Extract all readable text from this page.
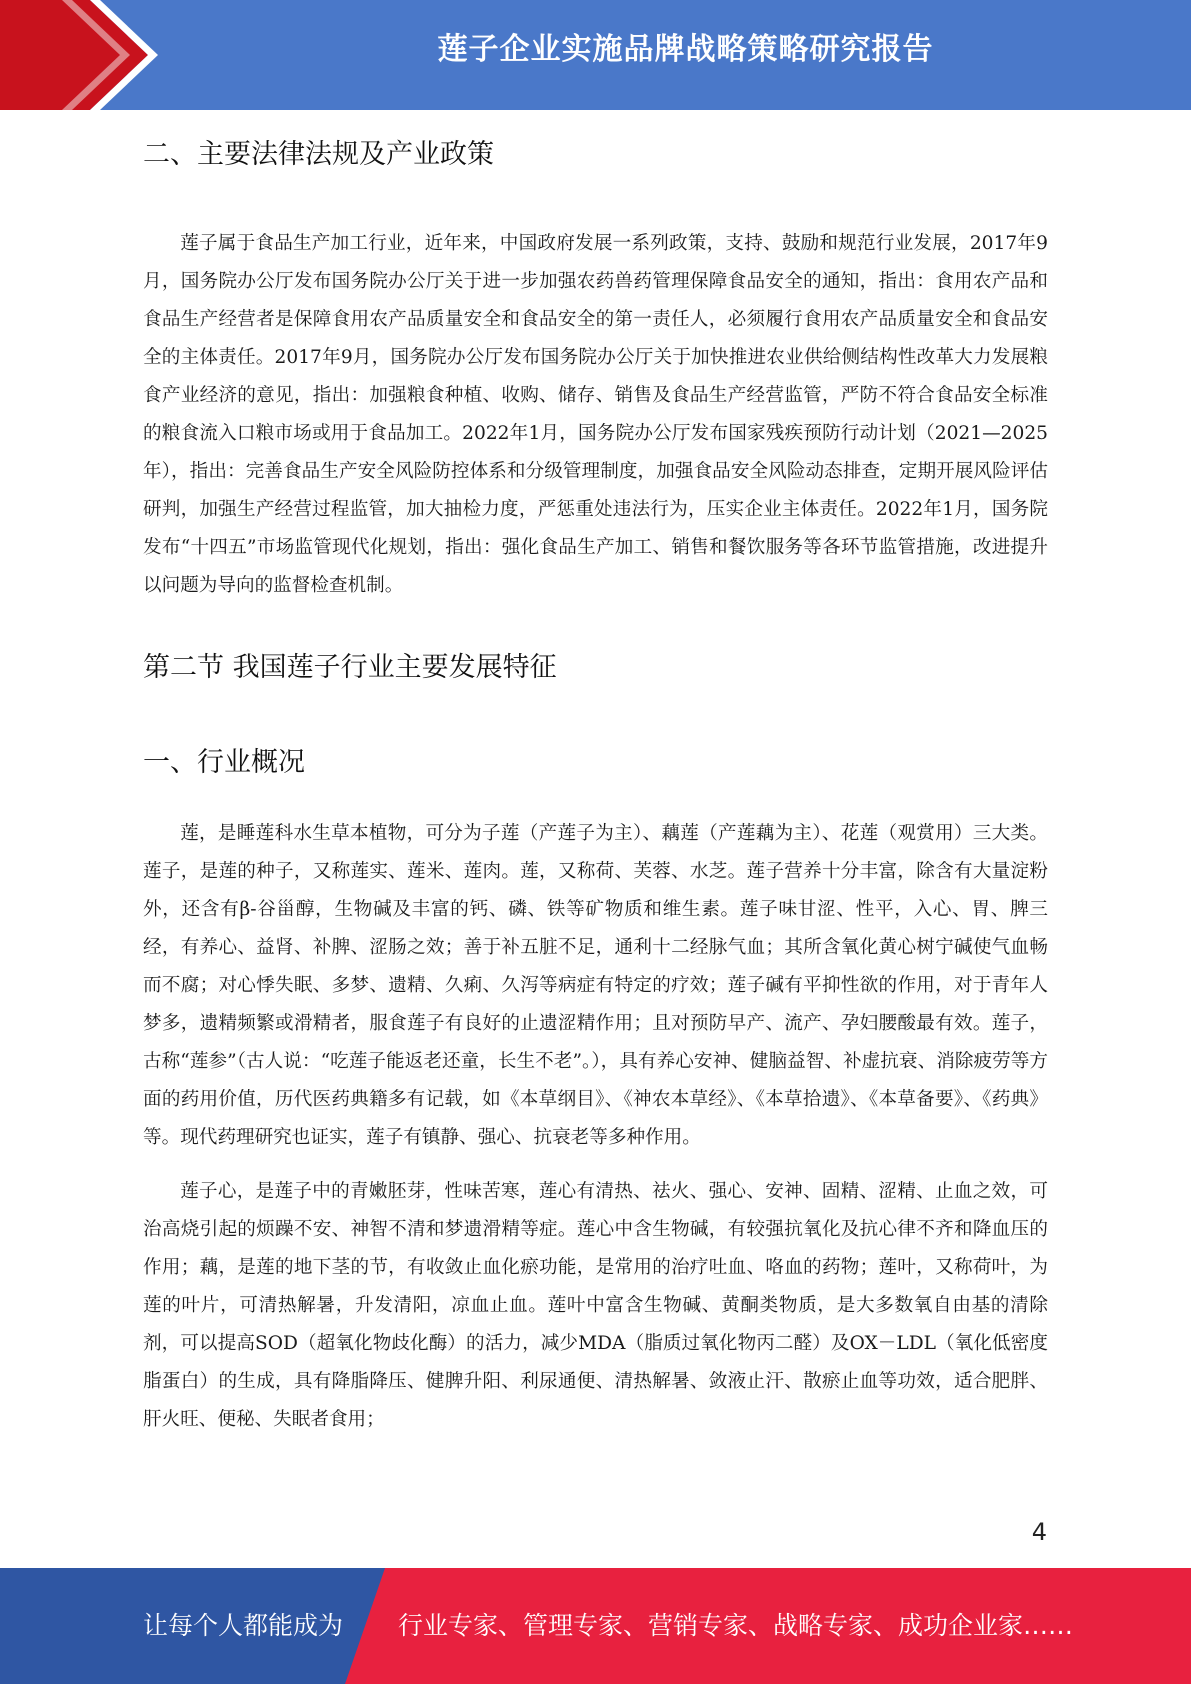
莲子企业实施品牌战略策略研究报告
二、主要法律法规及产业政策

莲子属于食品生产加工行业，近年来，中国政府发展一系列政策，支持、鼓励和规范行业发展，2017年9月，国务院办公厅发布国务院办公厅关于进一步加强农药兽药管理保障食品安全的通知，指出：食用农产品和食品生产经营者是保障食用农产品质量安全和食品安全的第一责任人，必须履行食用农产品质量安全和食品安全的主体责任。2017年9月，国务院办公厅发布国务院办公厅关于加快推进农业供给侧结构性改革大力发展粮食产业经济的意见，指出：加强粮食种植、收购、储存、销售及食品生产经营监管，严防不符合食品安全标准的粮食流入口粮市场或用于食品加工。2022年1月，国务院办公厅发布国家残疾预防行动计划（2021—2025年），指出：完善食品生产安全风险防控体系和分级管理制度，加强食品安全风险动态排查，定期开展风险评估研判，加强生产经营过程监管，加大抽检力度，严惩重处违法行为，压实企业主体责任。2022年1月，国务院发布“十四五”市场监管现代化规划，指出：强化食品生产加工、销售和餐饮服务等各环节监管措施，改进提升以问题为导向的监督检查机制。

第二节 我国莲子行业主要发展特征
一、行业概况

莲，是睡莲科水生草本植物，可分为子莲（产莲子为主）、藕莲（产莲藕为主）、花莲（观赏用）三大类。莲子，是莲的种子，又称莲实、莲米、莲肉。莲，又称荷、芙蓉、水芝。莲子营养十分丰富，除含有大量淀粉外，还含有β-谷甾醇，生物碱及丰富的钙、磷、铁等矿物质和维生素。莲子味甘涩、性平，入心、胃、脾三经，有养心、益肾、补脾、涩肠之效；善于补五脏不足，通利十二经脉气血；其所含氧化黄心树宁碱使气血畅而不腐；对心悸失眠、多梦、遗精、久痢、久泻等病症有特定的疗效；莲子碱有平抑性欲的作用，对于青年人梦多，遗精频繁或滑精者，服食莲子有良好的止遗涩精作用；且对预防早产、流产、孕妇腰酸最有效。莲子，古称“莲参”（古人说：“吃莲子能返老还童，长生不老”。），具有养心安神、健脑益智、补虚抗衰、消除疲劳等方面的药用价值，历代医药典籍多有记载，如《本草纲目》、《神农本草经》、《本草拾遗》、《本草备要》、《药典》等。现代药理研究也证实，莲子有镇静、强心、抗衰老等多种作用。

莲子心，是莲子中的青嫩胚芽，性味苦寒，莲心有清热、祛火、强心、安神、固精、涩精、止血之效，可治高烧引起的烦躁不安、神智不清和梦遗滑精等症。莲心中含生物碱，有较强抗氧化及抗心律不齐和降血压的作用；藕，是莲的地下茎的节，有收敛止血化瘀功能，是常用的治疗吐血、咯血的药物；莲叶，又称荷叶，为莲的叶片，可清热解暑，升发清阳，凉血止血。莲叶中富含生物碱、黄酮类物质，是大多数氧自由基的清除剂，可以提高SOD（超氧化物歧化酶）的活力，减少MDA（脂质过氧化物丙二醛）及OX－LDL（氧化低密度脂蛋白）的生成，具有降脂降压、健脾升阳、利尿通便、清热解暑、敛液止汗、散瘀止血等功效，适合肥胖、肝火旺、便秘、失眠者食用；

4
让每个人都能成为 行业专家、管理专家、营销专家、战略专家、成功企业家……
